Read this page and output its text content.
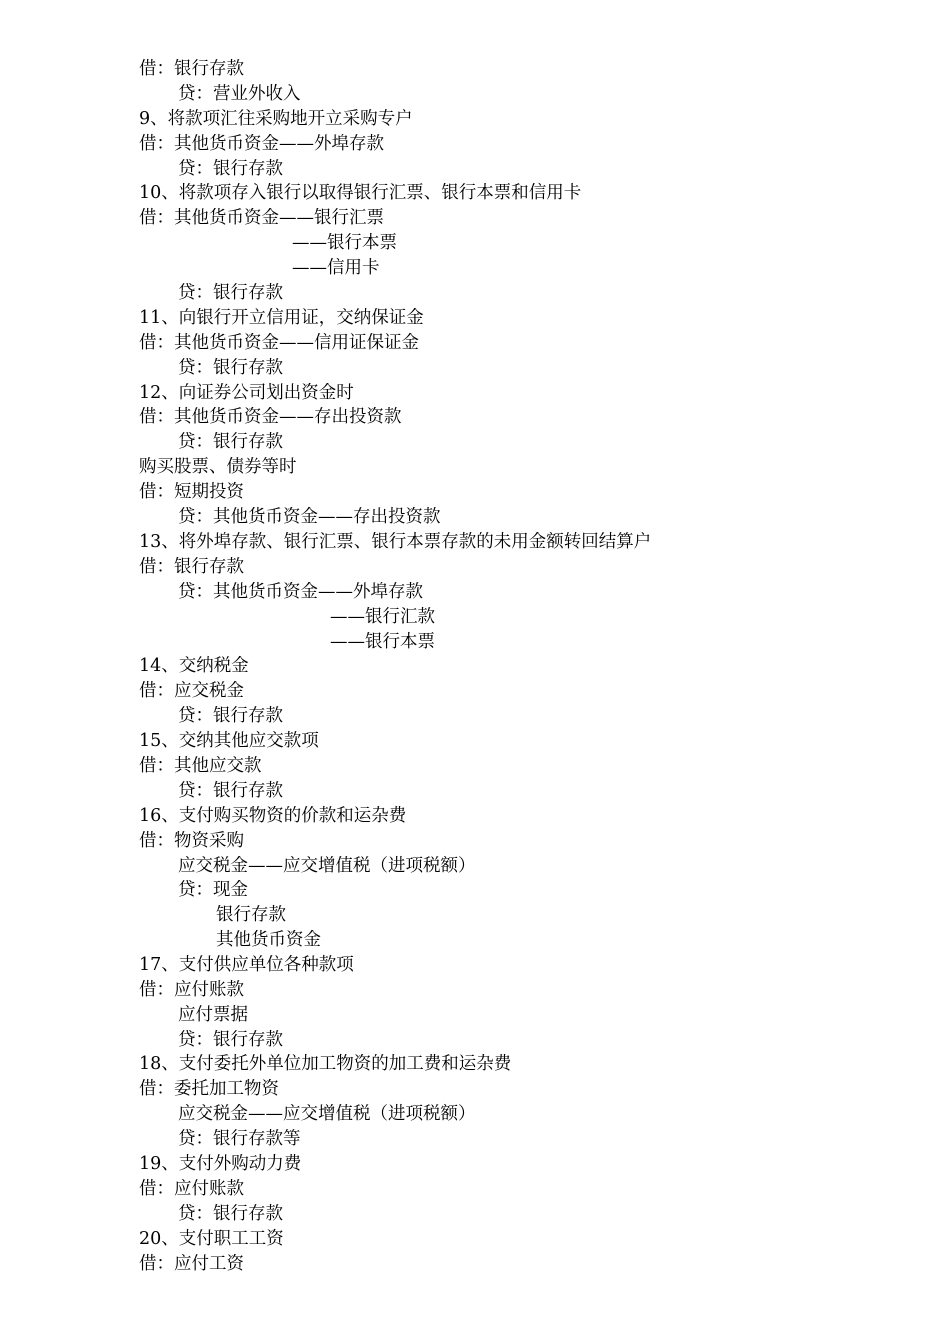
借：银行存款
贷：营业外收入
9、将款项汇往采购地开立采购专户
借：其他货币资金——外埠存款
贷：银行存款
10、将款项存入银行以取得银行汇票、银行本票和信用卡
借：其他货币资金——银行汇票
——银行本票
——信用卡
贷：银行存款
11、向银行开立信用证，交纳保证金
借：其他货币资金——信用证保证金
贷：银行存款
12、向证券公司划出资金时
借：其他货币资金——存出投资款
贷：银行存款
购买股票、债券等时
借：短期投资
贷：其他货币资金——存出投资款
13、将外埠存款、银行汇票、银行本票存款的未用金额转回结算户
借：银行存款
贷：其他货币资金——外埠存款
——银行汇款
——银行本票
14、交纳税金
借：应交税金
贷：银行存款
15、交纳其他应交款项
借：其他应交款
贷：银行存款
16、支付购买物资的价款和运杂费
借：物资采购
应交税金——应交增值税（进项税额）
贷：现金
银行存款
其他货币资金
17、支付供应单位各种款项
借：应付账款
应付票据
贷：银行存款
18、支付委托外单位加工物资的加工费和运杂费
借：委托加工物资
应交税金——应交增值税（进项税额）
贷：银行存款等
19、支付外购动力费
借：应付账款
贷：银行存款
20、支付职工工资
借：应付工资
